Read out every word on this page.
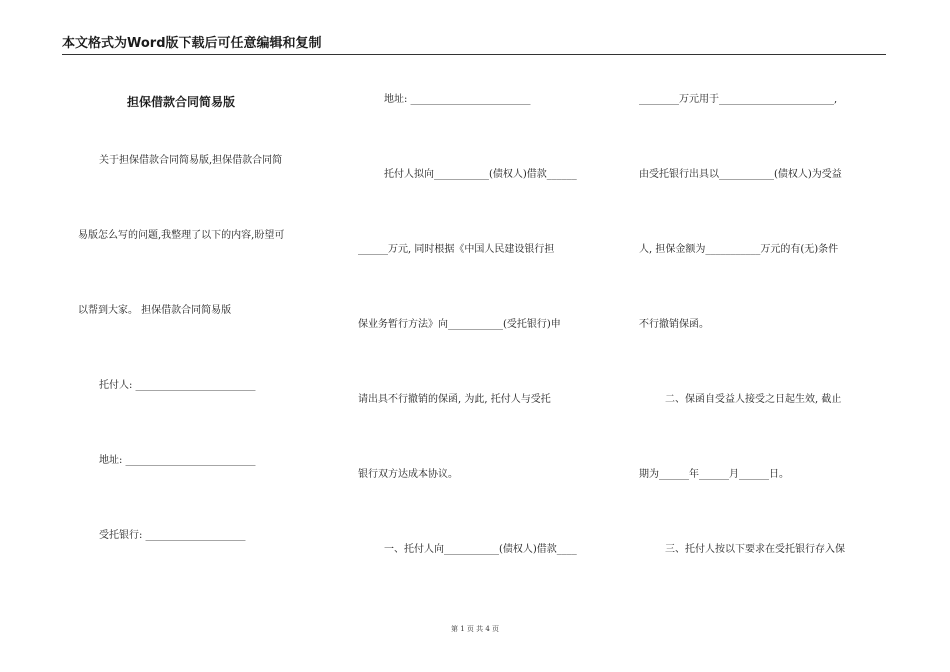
本文格式为Word版下载后可任意编辑和复制
担保借款合同简易版
关于担保借款合同简易版,担保借款合同简
易版怎么写的问题,我整理了以下的内容,盼望可
以帮到大家。 担保借款合同简易版
托付人: ________________________
地址: __________________________
受托银行: ____________________
地址: ________________________
托付人拟向___________(债权人)借款______
______万元, 同时根据《中国人民建设银行担
保业务暂行方法》向___________(受托银行)申
请出具不行撤销的保函, 为此, 托付人与受托
银行双方达成本协议。
一、托付人向___________(债权人)借款____
________万元用于_______________________,
由受托银行出具以___________(债权人)为受益
人, 担保金额为___________万元的有(无)条件
不行撤销保函。
二、保函自受益人接受之日起生效, 截止
期为______年______月______日。
三、托付人按以下要求在受托银行存入保
第 1 页 共 4 页
